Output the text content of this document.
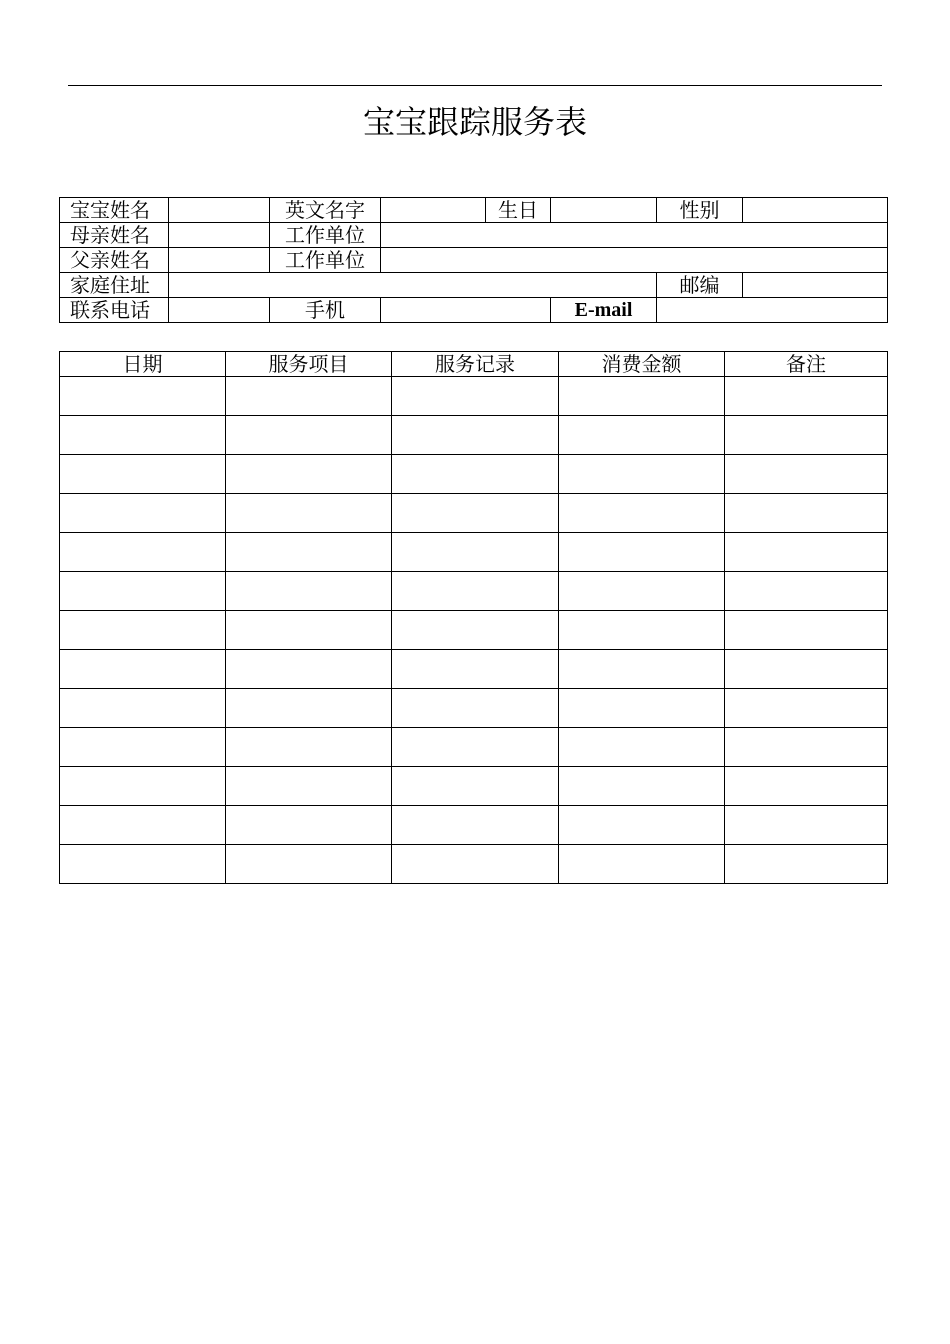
宝宝跟踪服务表
宝宝姓名		英文名字		生日		性别	
母亲姓名		工作单位					
父亲姓名		工作单位					
家庭住址						邮编	
联系电话		手机			E-mail		
日期	服务项目	服务记录	消费金额	备注
